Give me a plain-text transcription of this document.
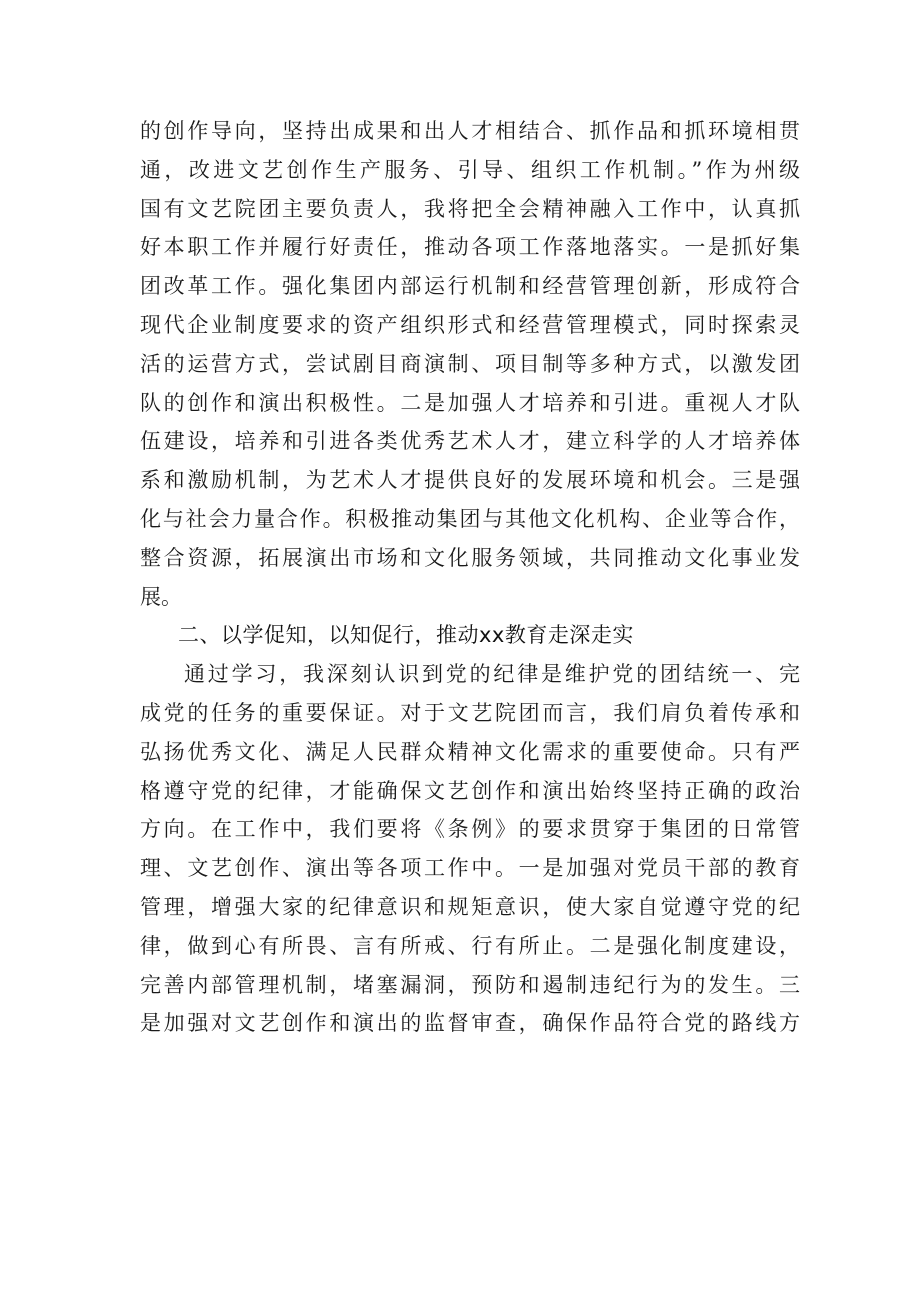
的创作导向，坚持出成果和出人才相结合、抓作品和抓环境相贯
通，改进文艺创作生产服务、引导、组织工作机制。”作为州级
国有文艺院团主要负责人，我将把全会精神融入工作中，认真抓
好本职工作并履行好责任，推动各项工作落地落实。一是抓好集
团改革工作。强化集团内部运行机制和经营管理创新，形成符合
现代企业制度要求的资产组织形式和经营管理模式，同时探索灵
活的运营方式，尝试剧目商演制、项目制等多种方式，以激发团
队的创作和演出积极性。二是加强人才培养和引进。重视人才队
伍建设，培养和引进各类优秀艺术人才，建立科学的人才培养体
系和激励机制，为艺术人才提供良好的发展环境和机会。三是强
化与社会力量合作。积极推动集团与其他文化机构、企业等合作，
整合资源，拓展演出市场和文化服务领域，共同推动文化事业发
展。
二、以学促知，以知促行，推动xx教育走深走实
通过学习，我深刻认识到党的纪律是维护党的团结统一、完
成党的任务的重要保证。对于文艺院团而言，我们肩负着传承和
弘扬优秀文化、满足人民群众精神文化需求的重要使命。只有严
格遵守党的纪律，才能确保文艺创作和演出始终坚持正确的政治
方向。在工作中，我们要将《条例》的要求贯穿于集团的日常管
理、文艺创作、演出等各项工作中。一是加强对党员干部的教育
管理，增强大家的纪律意识和规矩意识，使大家自觉遵守党的纪
律，做到心有所畏、言有所戒、行有所止。二是强化制度建设，
完善内部管理机制，堵塞漏洞，预防和遏制违纪行为的发生。三
是加强对文艺创作和演出的监督审查，确保作品符合党的路线方
